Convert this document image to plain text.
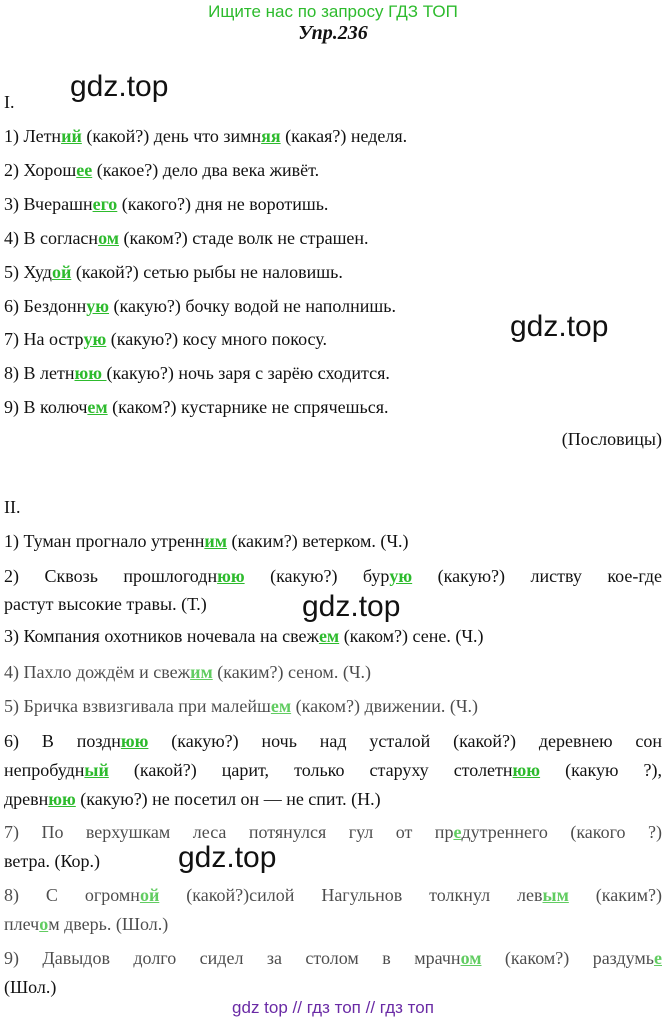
Ищите нас по запросу ГДЗ ТОП
Упр.236
gdz.top
gdz.top
gdz.top
gdz.top
I.
1) Летний (какой?) день что зимняя (какая?) неделя.
2) Хорошее (какое?) дело два века живёт.
3) Вчерашнего (какого?) дня не воротишь.
4) В согласном (каком?) стаде волк не страшен.
5) Худой (какой?) сетью рыбы не наловишь.
6) Бездонную (какую?) бочку водой не наполнишь.
7) На острую (какую?) косу много покосу.
8) В летнюю (какую?) ночь заря с зарёю сходится.
9) В колючем (каком?) кустарнике не спрячешься.
(Пословицы)
II.
1) Туман прогнало утренним (каким?) ветерком. (Ч.)
2) Сквозь прошлогоднюю (какую?) бурую (какую?) листву кое-где
растут высокие травы. (Т.)
3) Компания охотников ночевала на свежем (каком?) сене. (Ч.)
4) Пахло дождём и свежим (каким?) сеном. (Ч.)
5) Бричка взвизгивала при малейшем (каком?) движении. (Ч.)
6) В позднюю (какую?) ночь над усталой (какой?) деревнею сон
непробудный (какой?) царит, только старуху столетнюю (какую ?),
древнюю (какую?) не посетил он — не спит. (Н.)
7) По верхушкам леса потянулся гул от предутреннего (какого ?)
ветра. (Кор.)
8) С огромной (какой?)силой Нагульнов толкнул левым (каким?)
плечом дверь. (Шол.)
9) Давыдов долго сидел за столом в мрачном (каком?) раздумье
(Шол.)
gdz top // гдз топ // гдз топ
